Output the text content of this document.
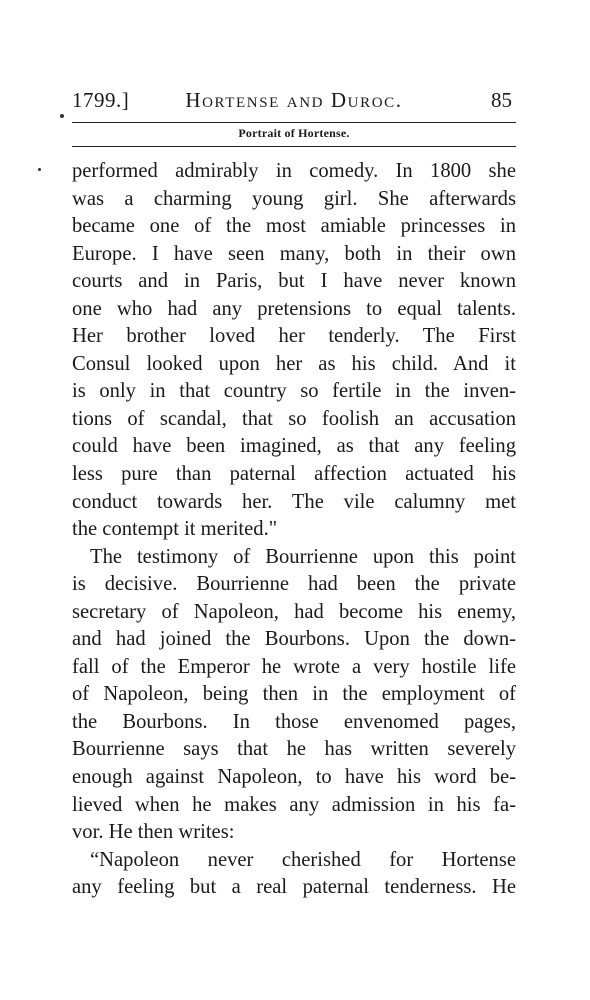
1799.]	Hortense and Duroc.	85
Portrait of Hortense.
performed admirably in comedy. In 1800 she
was a charming young girl. She afterwards
became one of the most amiable princesses in
Europe. I have seen many, both in their own
courts and in Paris, but I have never known
one who had any pretensions to equal talents.
Her brother loved her tenderly. The First
Consul looked upon her as his child. And it
is only in that country so fertile in the inven-
tions of scandal, that so foolish an accusation
could have been imagined, as that any feeling
less pure than paternal affection actuated his
conduct towards her. The vile calumny met
the contempt it merited."
The testimony of Bourrienne upon this point
is decisive. Bourrienne had been the private
secretary of Napoleon, had become his enemy,
and had joined the Bourbons. Upon the down-
fall of the Emperor he wrote a very hostile life
of Napoleon, being then in the employment of
the Bourbons. In those envenomed pages,
Bourrienne says that he has written severely
enough against Napoleon, to have his word be-
lieved when he makes any admission in his fa-
vor. He then writes:
“Napoleon never cherished for Hortense
any feeling but a real paternal tenderness. He
